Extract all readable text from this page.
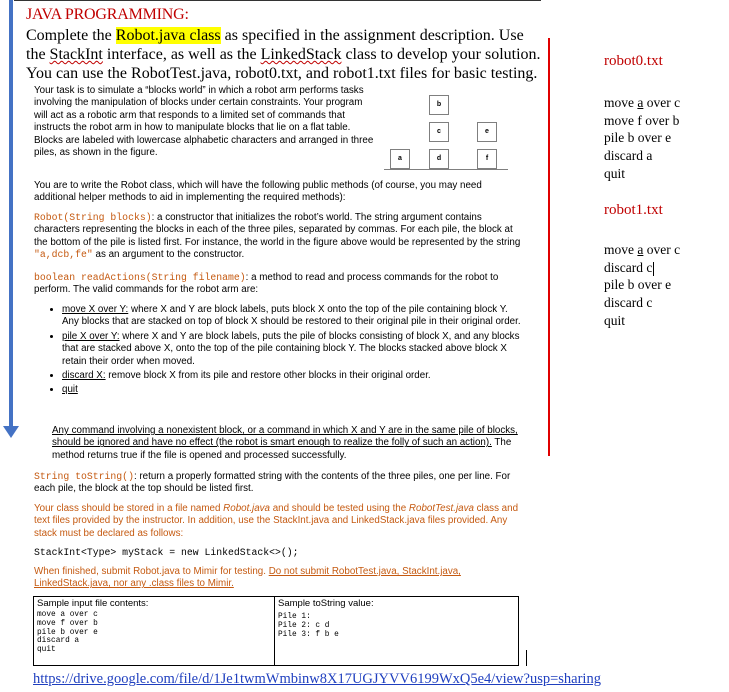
JAVA PROGRAMMING:
Complete the Robot.java class as specified in the assignment description. Use the StackInt interface, as well as the LinkedStack class to develop your solution.
You can use the RobotTest.java, robot0.txt, and robot1.txt files for basic testing.

Your task is to simulate a “blocks world” in which a robot arm performs tasks involving the manipulation of blocks under certain constraints. Your program will act as a robotic arm that responds to a limited set of commands that instructs the robot arm in how to manipulate blocks that lie on a flat table. Blocks are labeled with lowercase alphabetic characters and arranged in three piles, as shown in the figure.

a
b
c
d
e
f

You are to write the Robot class, which will have the following public methods (of course, you may need additional helper methods to aid in implementing the required methods):

Robot(String blocks): a constructor that initializes the robot’s world. The string argument contains characters representing the blocks in each of the three piles, separated by commas. For each pile, the block at the bottom of the pile is listed first. For instance, the world in the figure above would be represented by the string "a,dcb,fe" as an argument to the constructor.

boolean readActions(String filename): a method to read and process commands for the robot to perform. The valid commands for the robot arm are:

• move X over Y: where X and Y are block labels, puts block X onto the top of the pile containing block Y. Any blocks that are stacked on top of block X should be restored to their original pile in their original order.
• pile X over Y: where X and Y are block labels, puts the pile of blocks consisting of block X, and any blocks that are stacked above X, onto the top of the pile containing block Y. The blocks stacked above block X retain their order when moved.
• discard X: remove block X from its pile and restore other blocks in their original order.
• quit

Any command involving a nonexistent block, or a command in which X and Y are in the same pile of blocks, should be ignored and have no effect (the robot is smart enough to realize the folly of such an action). The method returns true if the file is opened and processed successfully.

String toString(): return a properly formatted string with the contents of the three piles, one per line. For each pile, the block at the top should be listed first.

Your class should be stored in a file named Robot.java and should be tested using the RobotTest.java class and text files provided by the instructor. In addition, use the StackInt.java and LinkedStack.java files provided. Any stack must be declared as follows:

StackInt<Type> myStack = new LinkedStack<>();

When finished, submit Robot.java to Mimir for testing. Do not submit RobotTest.java, StackInt.java, LinkedStack.java, nor any .class files to Mimir.

Sample input file contents:
move a over c
move f over b
pile b over e
discard a
quit
Sample toString value:
Pile 1:
Pile 2: c d
Pile 3: f b e
robot0.txt
move a over c
move f over b
pile b over e
discard a
quit
robot1.txt
move a over c
discard c
pile b over e
discard c
quit
https://drive.google.com/file/d/1Je1twmWmbinw8X17UGJYVV6199WxQ5e4/view?usp=sharing
